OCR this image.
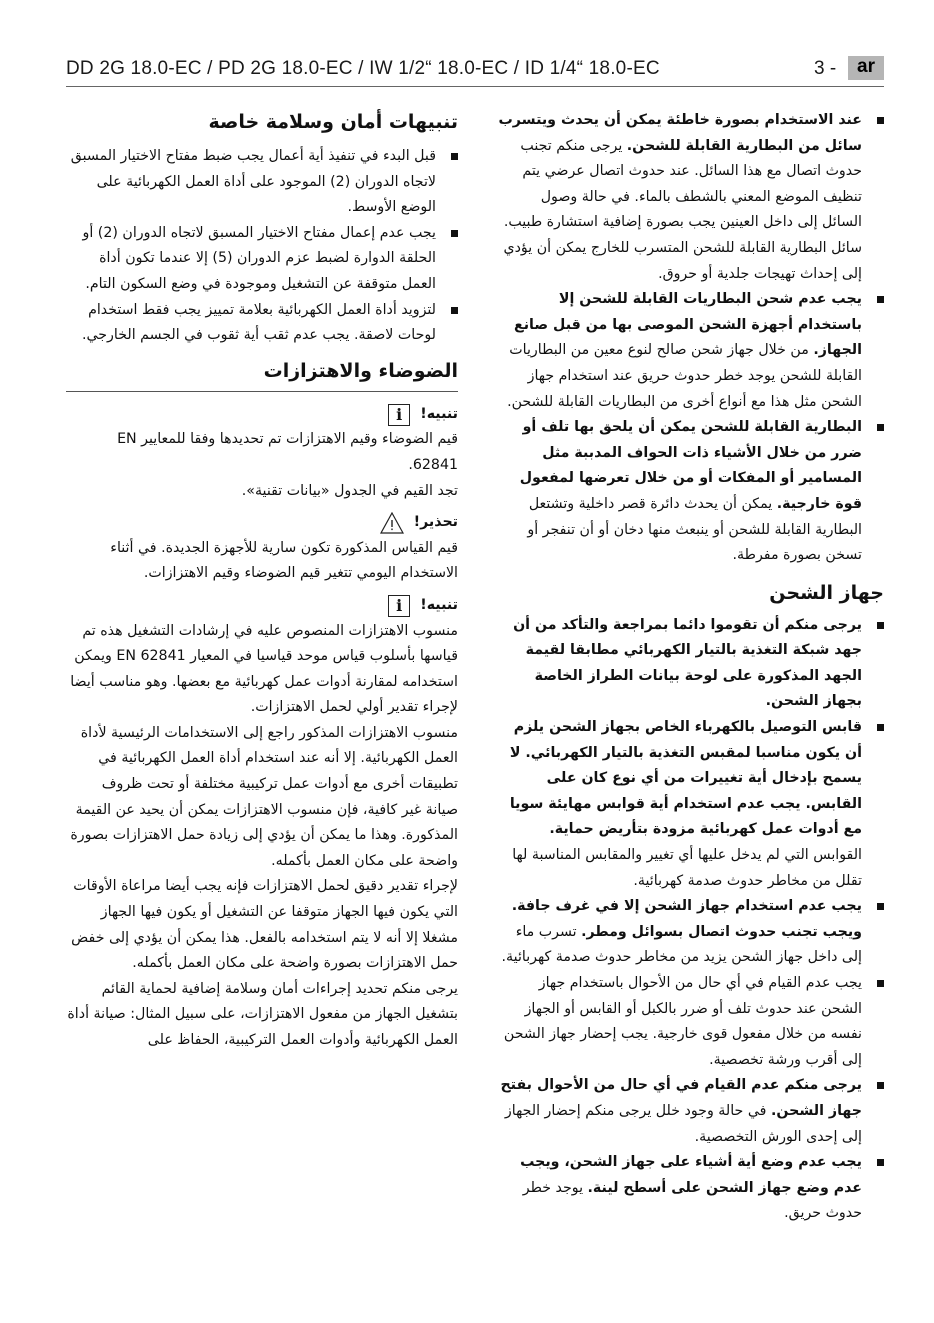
DD 2G 18.0-EC / PD 2G 18.0-EC / IW 1/2“ 18.0-EC / ID 1/4“ 18.0-EC	3 -	ar

عند الاستخدام بصورة خاطئة يمكن أن يحدث ويتسرب سائل من البطارية القابلة للشحن. يرجى منكم تجنب حدوث اتصال مع هذا السائل. عند حدوث اتصال عرضي يتم تنظيف الموضع المعني بالشطف بالماء. في حالة وصول السائل إلى داخل العينين يجب بصورة إضافية استشارة طبيب. سائل البطارية القابلة للشحن المتسرب للخارج يمكن أن يؤدي إلى إحداث تهيجات جلدية أو حروق.

يجب عدم شحن البطاريات القابلة للشحن إلا باستخدام أجهزة الشحن الموصى بها من قبل صانع الجهاز. من خلال جهاز شحن صالح لنوع معين من البطاريات القابلة للشحن يوجد خطر حدوث حريق عند استخدام جهاز الشحن مثل هذا مع أنواع أخرى من البطاريات القابلة للشحن.

البطارية القابلة للشحن يمكن أن يلحق بها تلف أو ضرر من خلال الأشياء ذات الحواف المدببة مثل المسامير أو المفكات أو من خلال تعرضها لمفعول قوة خارجية. يمكن أن يحدث دائرة قصر داخلية وتشتعل البطارية القابلة للشحن أو ينبعث منها دخان أو أن تنفجر أو تسخن بصورة مفرطة.

جهاز الشحن

يرجى منكم أن تقوموا دائما بمراجعة والتأكد من أن جهد شبكة التغذية بالتيار الكهربائي مطابقا لقيمة الجهد المذكورة على لوحة بيانات الطراز الخاصة بجهاز الشحن.

قابس التوصيل بالكهرباء الخاص بجهاز الشحن يلزم أن يكون مناسبا لمقبس التغذية بالتيار الكهربائي. لا يسمح بإدخال أية تغييرات من أي نوع كان على القابس. يجب عدم استخدام أية قوابس مهايئة سويا مع أدوات عمل كهربائية مزودة بتأريض حماية. القوابس التي لم يدخل عليها أي تغيير والمقابس المناسبة لها تقلل من مخاطر حدوث صدمة كهربائية.

يجب عدم استخدام جهاز الشحن إلا في غرف جافة. ويجب تجنب حدوث اتصال بسوائل ومطر. تسرب ماء إلى داخل جهاز الشحن يزيد من مخاطر حدوث صدمة كهربائية.

يجب عدم القيام في أي حال من الأحوال باستخدام جهاز الشحن عند حدوث تلف أو ضرر بالكبل أو القابس أو الجهاز نفسه من خلال مفعول قوى خارجية. يجب إحضار جهاز الشحن إلى أقرب ورشة تخصصية.

يرجى منكم عدم القيام في أي حال من الأحوال بفتح جهاز الشحن. في حالة وجود خلل يرجى منكم إحضار الجهاز إلى إحدى الورش التخصصية.

يجب عدم وضع أية أشياء على جهاز الشحن، ويجب عدم وضع جهاز الشحن على أسطح لينة. يوجد خطر حدوث حريق.

تنبيهات أمان وسلامة خاصة

قبل البدء في تنفيذ أية أعمال يجب ضبط مفتاح الاختيار المسبق لاتجاه الدوران (2) الموجود على أداة العمل الكهربائية على الوضع الأوسط.

يجب عدم إعمال مفتاح الاختيار المسبق لاتجاه الدوران (2) أو الحلقة الدوارة لضبط عزم الدوران (5) إلا عندما تكون أداة العمل متوقفة عن التشغيل وموجودة في وضع السكون التام.

لتزويد أداة العمل الكهربائية بعلامة تمييز يجب فقط استخدام لوحات لاصقة. يجب عدم ثقب أية ثقوب في الجسم الخارجي.

الضوضاء والاهتزازات
تنبيه!
i

قيم الضوضاء وقيم الاهتزازات تم تحديدها وفقا للمعايير EN 62841.

تجد القيم في الجدول «بيانات تقنية».

تحذير!

قيم القياس المذكورة تكون سارية للأجهزة الجديدة. في أثناء الاستخدام اليومي تتغير قيم الضوضاء وقيم الاهتزازات.

تنبيه!
i

منسوب الاهتزازات المنصوص عليه في إرشادات التشغيل هذه تم قياسها بأسلوب قياس موحد قياسيا في المعيار EN 62841 ويمكن استخدامه لمقارنة أدوات عمل كهربائية مع بعضها. وهو مناسب أيضا لإجراء تقدير أولي لحمل الاهتزازات.

منسوب الاهتزازات المذكور راجع إلى الاستخدامات الرئيسية لأداة العمل الكهربائية. إلا أنه عند استخدام أداة العمل الكهربائية في تطبيقات أخرى مع أدوات عمل تركيبية مختلفة أو تحت ظروف صيانة غير كافية، فإن منسوب الاهتزازات يمكن أن يحيد عن القيمة المذكورة. وهذا ما يمكن أن يؤدي إلى زيادة حمل الاهتزازات بصورة واضحة على مكان العمل بأكمله.

لإجراء تقدير دقيق لحمل الاهتزازات فإنه يجب أيضا مراعاة الأوقات التي يكون فيها الجهاز متوقفا عن التشغيل أو يكون فيها الجهاز مشغلا إلا أنه لا يتم استخدامه بالفعل. هذا يمكن أن يؤدي إلى خفض حمل الاهتزازات بصورة واضحة على مكان العمل بأكمله.

يرجى منكم تحديد إجراءات أمان وسلامة إضافية لحماية القائم بتشغيل الجهاز من مفعول الاهتزازات، على سبيل المثال: صيانة أداة العمل الكهربائية وأدوات العمل التركيبية، الحفاظ على
